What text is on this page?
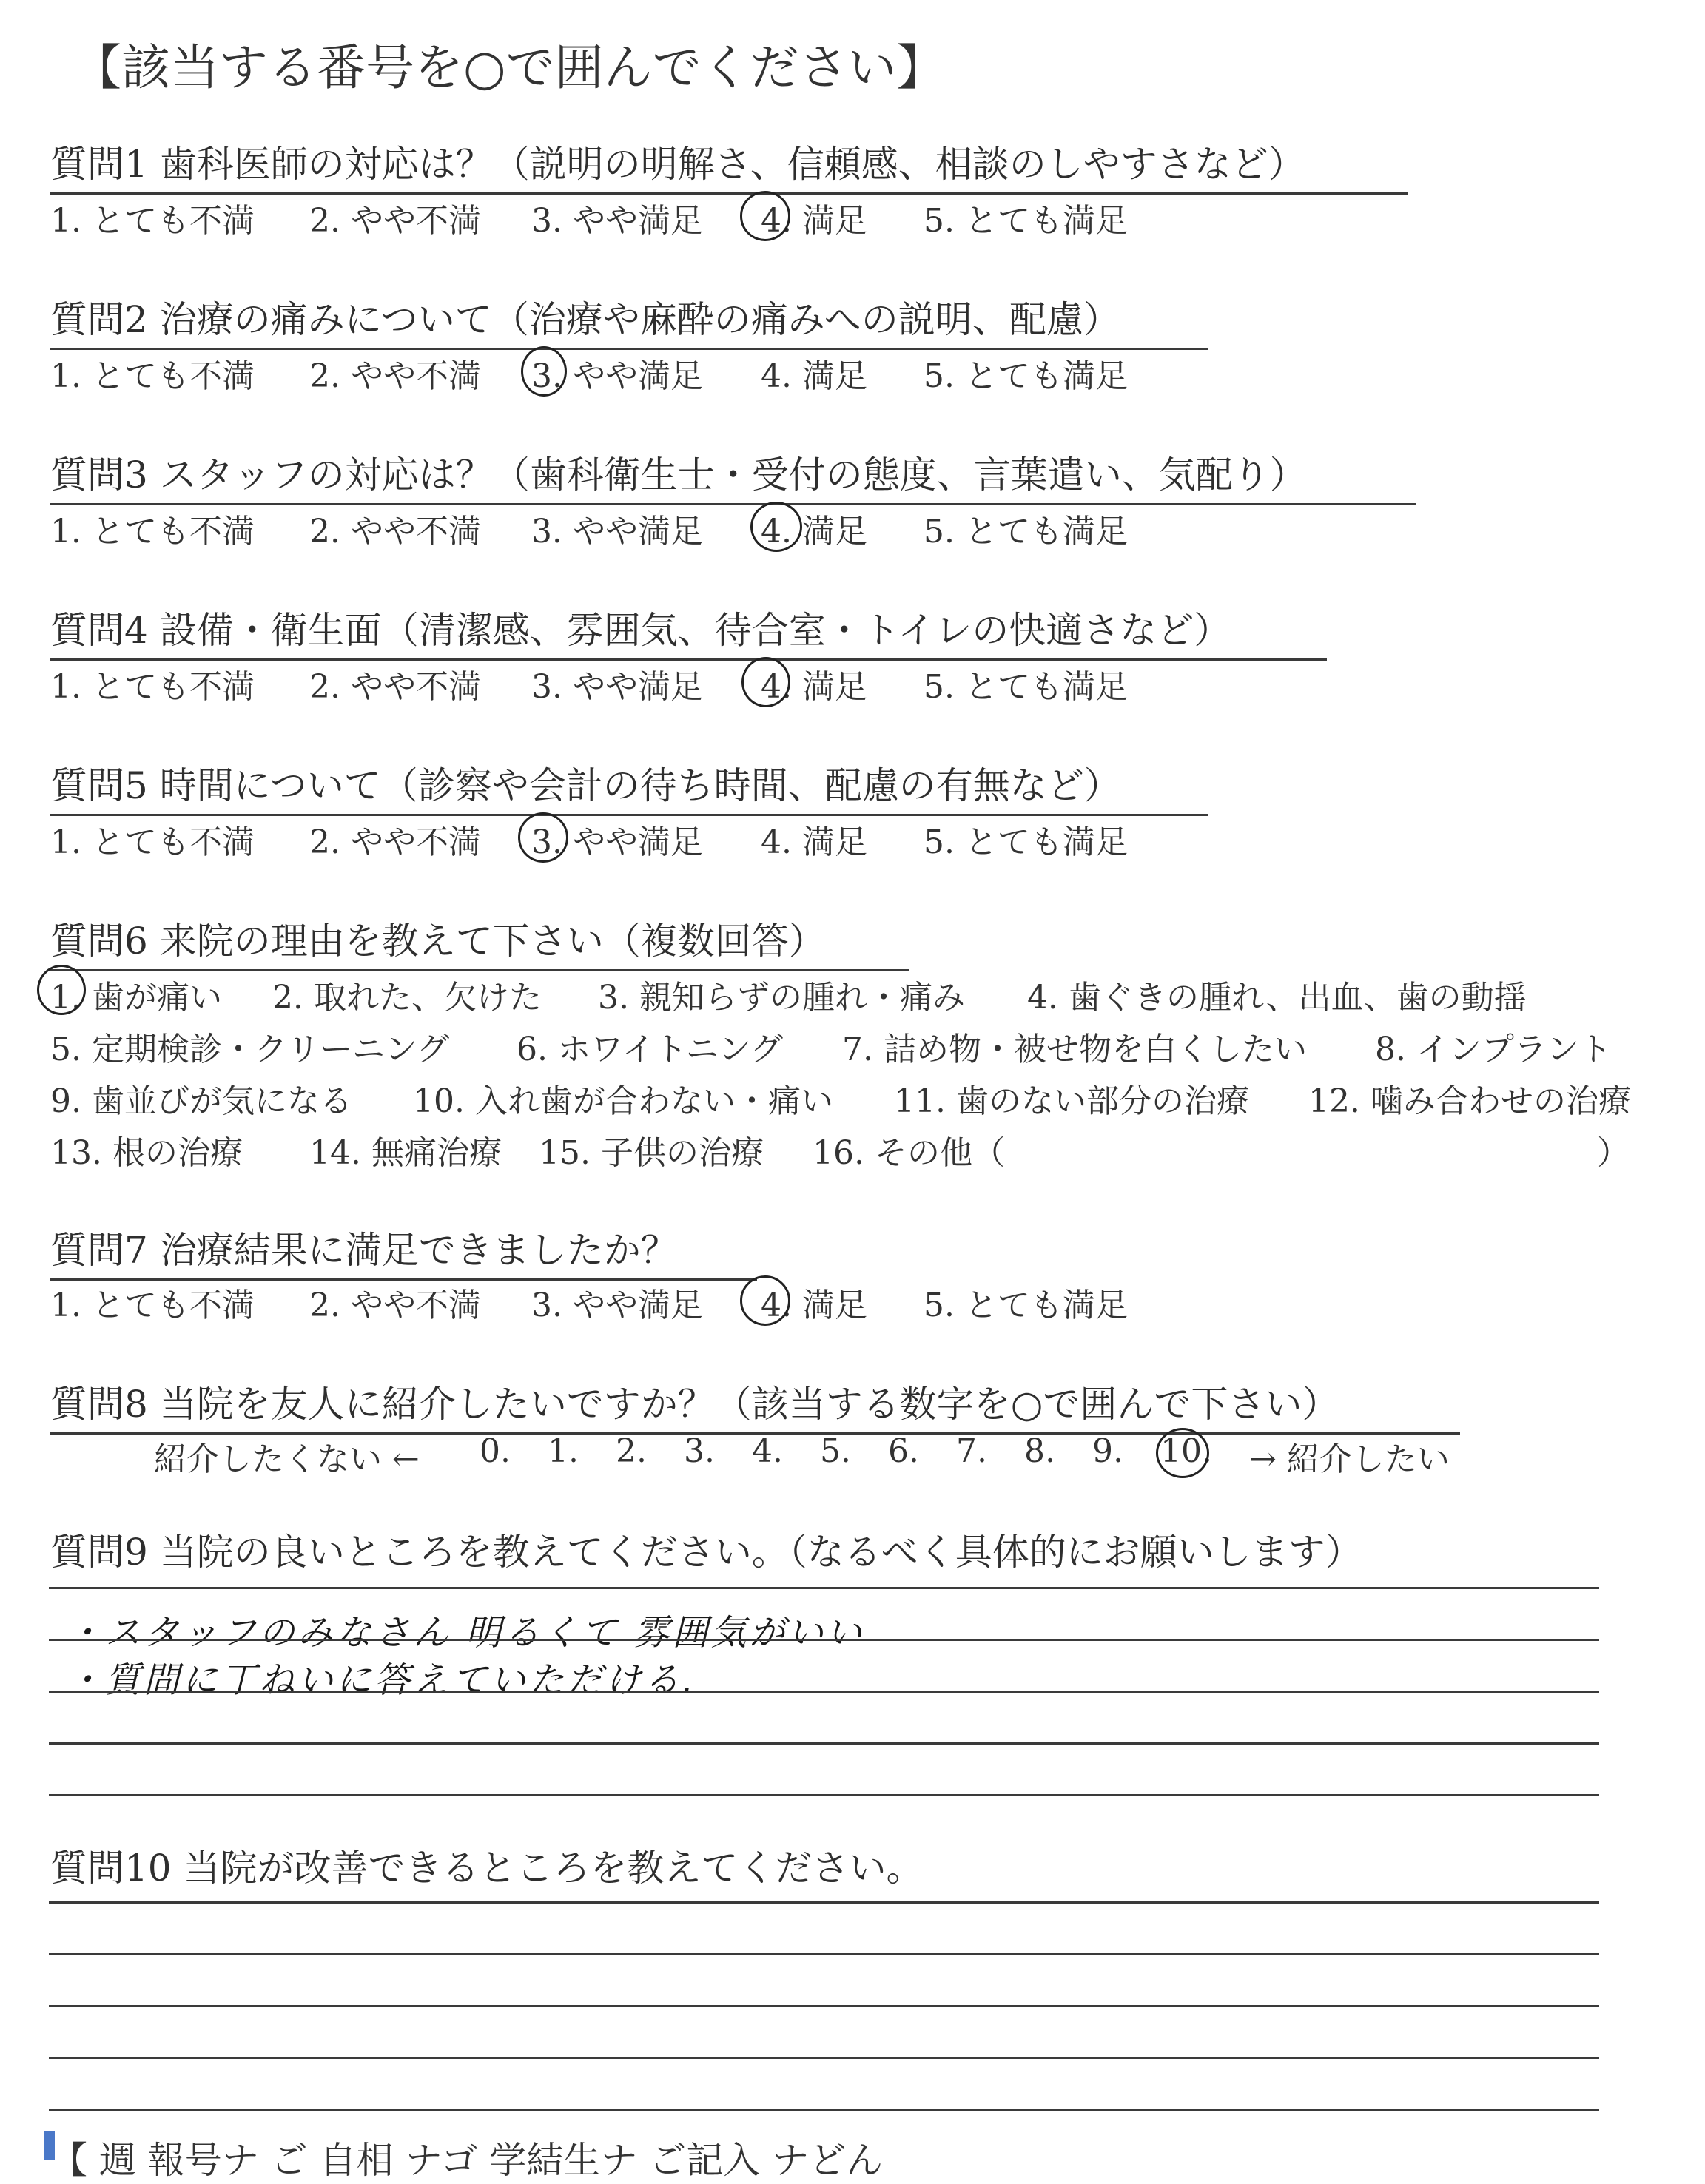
【該当する番号を○で囲んでください】
質問1 歯科医師の対応は？（説明の明解さ、信頼感、相談のしやすさなど）
1. とても不満 2. やや不満 3. やや満足 4. 満足 5. とても満足
質問2 治療の痛みについて（治療や麻酔の痛みへの説明、配慮）
1. とても不満 2. やや不満 3. やや満足 4. 満足 5. とても満足
質問3 スタッフの対応は？（歯科衛生士・受付の態度、言葉遣い、気配り）
1. とても不満 2. やや不満 3. やや満足 4. 満足 5. とても満足
質問4 設備・衛生面（清潔感、雰囲気、待合室・トイレの快適さなど）
1. とても不満 2. やや不満 3. やや満足 4. 満足 5. とても満足
質問5 時間について（診察や会計の待ち時間、配慮の有無など）
1. とても不満 2. やや不満 3. やや満足 4. 満足 5. とても満足
質問6 来院の理由を教えて下さい（複数回答）
1. 歯が痛い 2. 取れた、欠けた 3. 親知らずの腫れ・痛み 4. 歯ぐきの腫れ、出血、歯の動揺
5. 定期検診・クリーニング 6. ホワイトニング 7. 詰め物・被せ物を白くしたい 8. インプラント
9. 歯並びが気になる 10. 入れ歯が合わない・痛い 11. 歯のない部分の治療 12. 噛み合わせの治療
13. 根の治療 14. 無痛治療 15. 子供の治療 16. その他（	）
質問7 治療結果に満足できましたか？
1. とても不満 2. やや不満 3. やや満足 4. 満足 5. とても満足
質問8 当院を友人に紹介したいですか？（該当する数字を○で囲んで下さい）
紹介したくない ← 0. 1. 2. 3. 4. 5. 6. 7. 8. 9. 10. → 紹介したい
質問9 当院の良いところを教えてください。（なるべく具体的にお願いします）
・スタッフのみなさん 明るくて 雰囲気がいい
・質問に丁ねいに答えていただける.
質問10 当院が改善できるところを教えてください。
【 週 報号ナ ご 自相 ナゴ 学結生ナ ご記入 ナどん
